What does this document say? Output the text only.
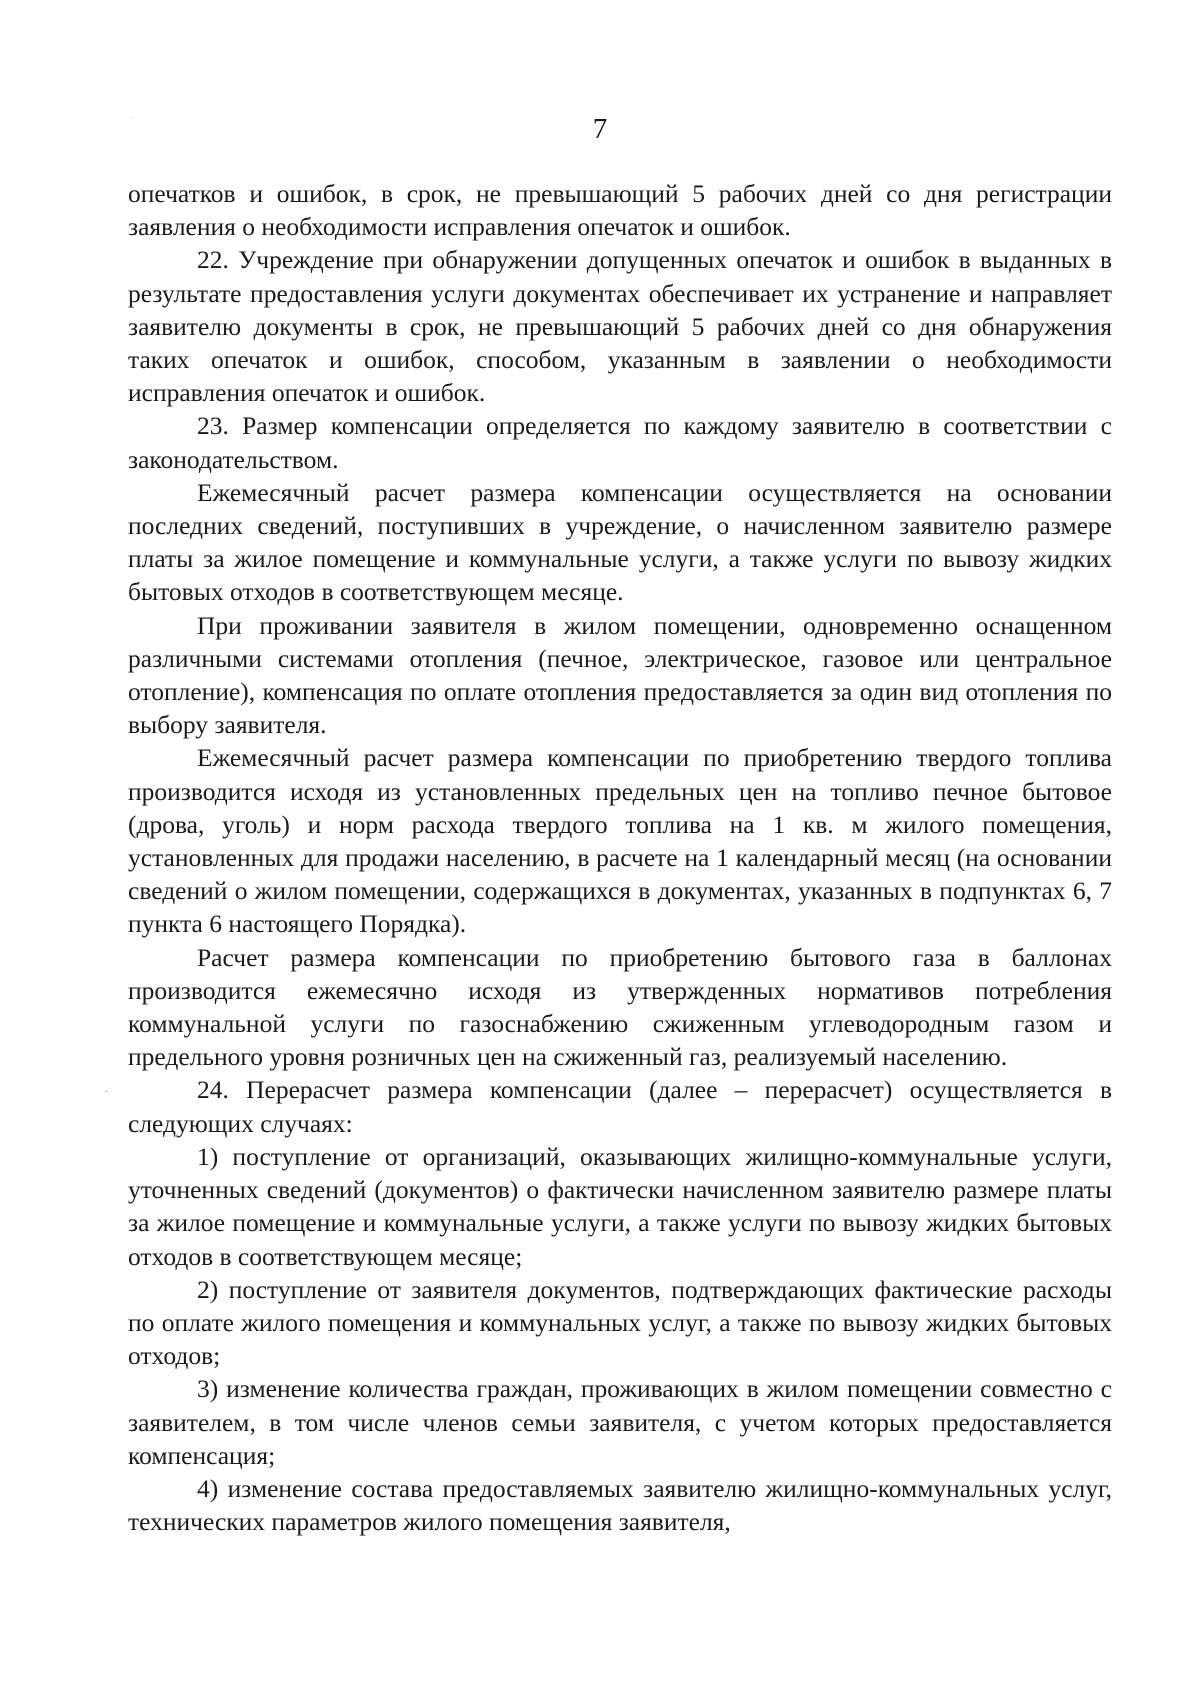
7

опечатков и ошибок, в срок, не превышающий 5 рабочих дней со дня регистрации заявления о необходимости исправления опечаток и ошибок.

22. Учреждение при обнаружении допущенных опечаток и ошибок в выданных в результате предоставления услуги документах обеспечивает их устранение и направляет заявителю документы в срок, не превышающий 5 рабочих дней со дня обнаружения таких опечаток и ошибок, способом, указанным в заявлении о необходимости исправления опечаток и ошибок.

23. Размер компенсации определяется по каждому заявителю в соответствии с законодательством.

Ежемесячный расчет размера компенсации осуществляется на основании последних сведений, поступивших в учреждение, о начисленном заявителю размере платы за жилое помещение и коммунальные услуги, а также услуги по вывозу жидких бытовых отходов в соответствующем месяце.

При проживании заявителя в жилом помещении, одновременно оснащенном различными системами отопления (печное, электрическое, газовое или центральное отопление), компенсация по оплате отопления предоставляется за один вид отопления по выбору заявителя.

Ежемесячный расчет размера компенсации по приобретению твердого топлива производится исходя из установленных предельных цен на топливо печное бытовое (дрова, уголь) и норм расхода твердого топлива на 1 кв. м жилого помещения, установленных для продажи населению, в расчете на 1 календарный месяц (на основании сведений о жилом помещении, содержащихся в документах, указанных в подпунктах 6, 7 пункта 6 настоящего Порядка).

Расчет размера компенсации по приобретению бытового газа в баллонах производится ежемесячно исходя из утвержденных нормативов потребления коммунальной услуги по газоснабжению сжиженным углеводородным газом и предельного уровня розничных цен на сжиженный газ, реализуемый населению.

24. Перерасчет размера компенсации (далее – перерасчет) осуществляется в следующих случаях:

1) поступление от организаций, оказывающих жилищно-коммунальные услуги, уточненных сведений (документов) о фактически начисленном заявителю размере платы за жилое помещение и коммунальные услуги, а также услуги по вывозу жидких бытовых отходов в соответствующем месяце;

2) поступление от заявителя документов, подтверждающих фактические расходы по оплате жилого помещения и коммунальных услуг, а также по вывозу жидких бытовых отходов;

3) изменение количества граждан, проживающих в жилом помещении совместно с заявителем, в том числе членов семьи заявителя, с учетом которых предоставляется компенсация;

4) изменение состава предоставляемых заявителю жилищно-коммунальных услуг, технических параметров жилого помещения заявителя,
